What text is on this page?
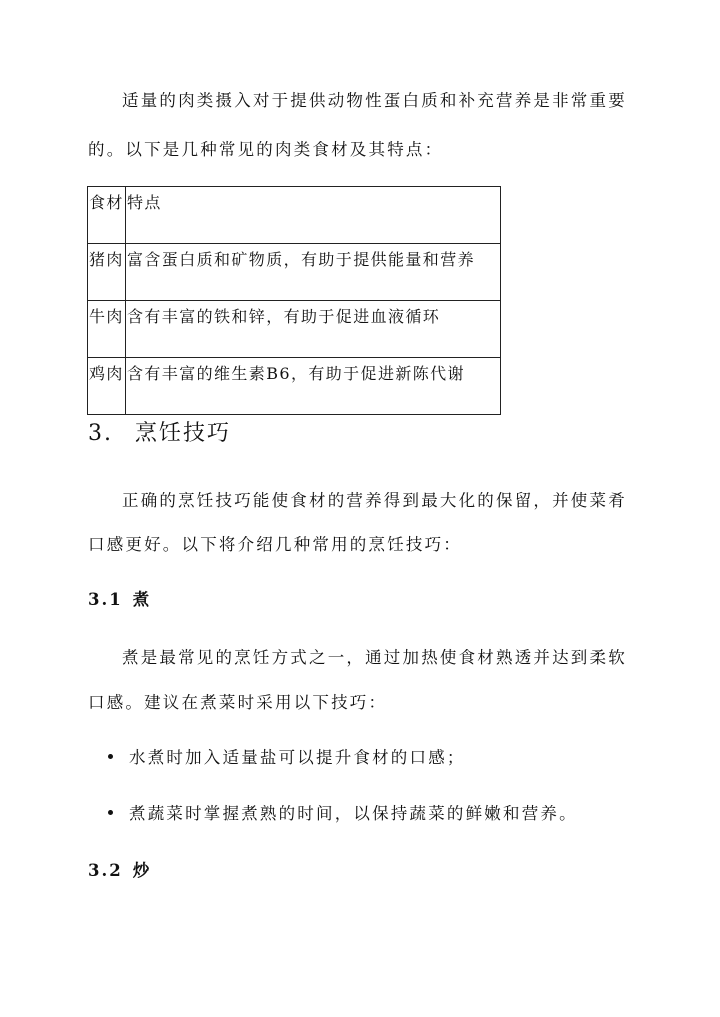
适量的肉类摄入对于提供动物性蛋白质和补充营养是非常重要

的。以下是几种常见的肉类食材及其特点：

食材	特点
猪肉	富含蛋白质和矿物质，有助于提供能量和营养
牛肉	含有丰富的铁和锌，有助于促进血液循环
鸡肉	含有丰富的维生素B6，有助于促进新陈代谢
3. 烹饪技巧

正确的烹饪技巧能使食材的营养得到最大化的保留，并使菜肴

口感更好。以下将介绍几种常用的烹饪技巧：

3.1 煮

煮是最常见的烹饪方式之一，通过加热使食材熟透并达到柔软

口感。建议在煮菜时采用以下技巧：

水煮时加入适量盐可以提升食材的口感；
煮蔬菜时掌握煮熟的时间，以保持蔬菜的鲜嫩和营养。
3.2 炒
